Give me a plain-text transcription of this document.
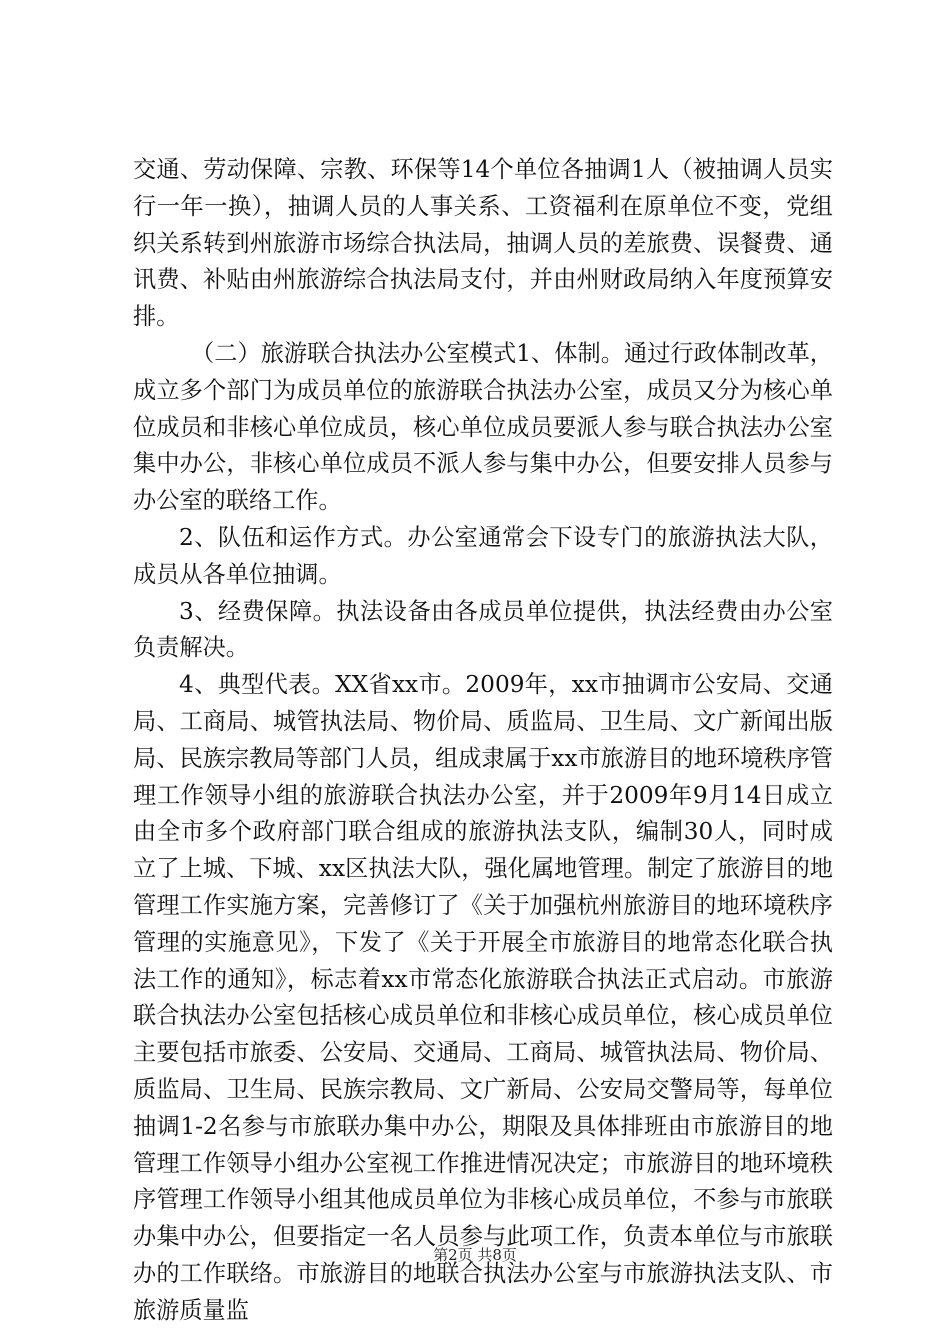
交通、劳动保障、宗教、环保等14个单位各抽调1人（被抽调人员实行一年一换），抽调人员的人事关系、工资福利在原单位不变，党组织关系转到州旅游市场综合执法局，抽调人员的差旅费、误餐费、通讯费、补贴由州旅游综合执法局支付，并由州财政局纳入年度预算安排。

（二）旅游联合执法办公室模式1、体制。通过行政体制改革，成立多个部门为成员单位的旅游联合执法办公室，成员又分为核心单位成员和非核心单位成员，核心单位成员要派人参与联合执法办公室集中办公，非核心单位成员不派人参与集中办公，但要安排人员参与办公室的联络工作。

2、队伍和运作方式。办公室通常会下设专门的旅游执法大队，成员从各单位抽调。

3、经费保障。执法设备由各成员单位提供，执法经费由办公室负责解决。

4、典型代表。XX省xx市。2009年，xx市抽调市公安局、交通局、工商局、城管执法局、物价局、质监局、卫生局、文广新闻出版局、民族宗教局等部门人员，组成隶属于xx市旅游目的地环境秩序管理工作领导小组的旅游联合执法办公室，并于2009年9月14日成立由全市多个政府部门联合组成的旅游执法支队，编制30人，同时成立了上城、下城、xx区执法大队，强化属地管理。制定了旅游目的地管理工作实施方案，完善修订了《关于加强杭州旅游目的地环境秩序管理的实施意见》，下发了《关于开展全市旅游目的地常态化联合执法工作的通知》，标志着xx市常态化旅游联合执法正式启动。市旅游联合执法办公室包括核心成员单位和非核心成员单位，核心成员单位主要包括市旅委、公安局、交通局、工商局、城管执法局、物价局、质监局、卫生局、民族宗教局、文广新局、公安局交警局等，每单位抽调1-2名参与市旅联办集中办公，期限及具体排班由市旅游目的地管理工作领导小组办公室视工作推进情况决定；市旅游目的地环境秩序管理工作领导小组其他成员单位为非核心成员单位，不参与市旅联办集中办公，但要指定一名人员参与此项工作，负责本单位与市旅联办的工作联络。市旅游目的地联合执法办公室与市旅游执法支队、市旅游质量监

第2页 共8页
